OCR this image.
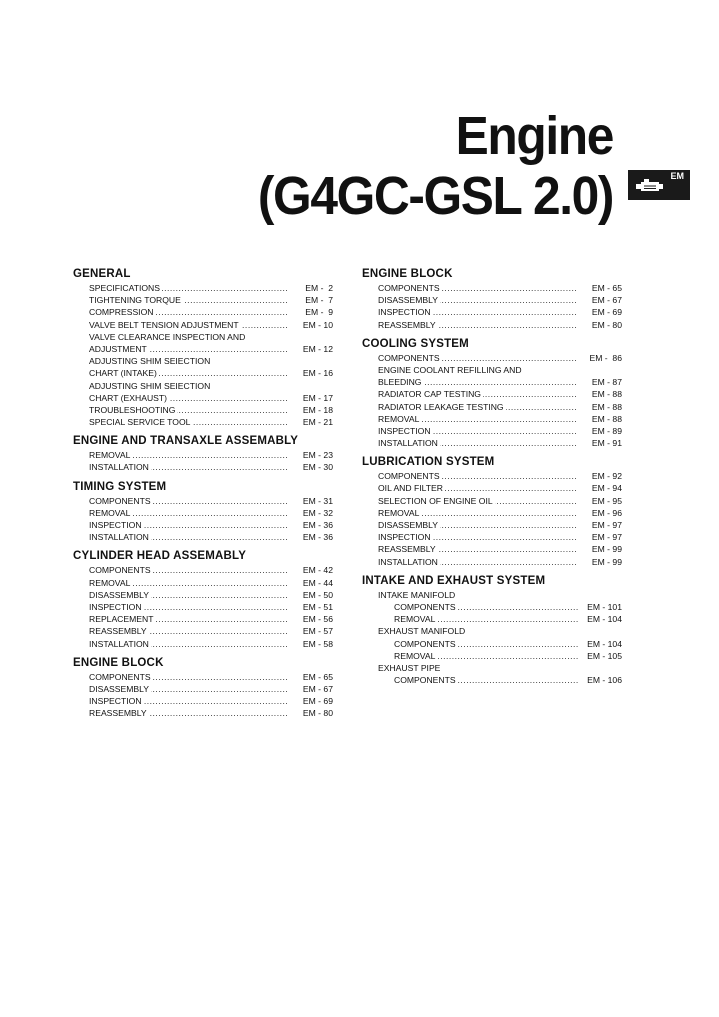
Engine
(G4GC-GSL 2.0)	EM
GENERAL
SPECIFICATIONS .....	EM -  2
TIGHTENING TORQUE .....	EM -  7
COMPRESSION .....	EM -  9
VALVE BELT TENSION ADJUSTMENT .....	EM - 10
VALVE CLEARANCE INSPECTION AND
ADJUSTMENT .....	EM - 12
ADJUSTING SHIM SEIECTION
CHART (INTAKE) .....	EM - 16
ADJUSTING SHIM SEIECTION
CHART (EXHAUST) .....	EM - 17
TROUBLESHOOTING .....	EM - 18
SPECIAL SERVICE TOOL .....	EM - 21
ENGINE AND TRANSAXLE ASSEMABLY
REMOVAL .....	EM - 23
INSTALLATION .....	EM - 30
TIMING SYSTEM
COMPONENTS .....	EM - 31
REMOVAL .....	EM - 32
INSPECTION .....	EM - 36
INSTALLATION .....	EM - 36
CYLINDER HEAD ASSEMABLY
COMPONENTS .....	EM - 42
REMOVAL .....	EM - 44
DISASSEMBLY .....	EM - 50
INSPECTION .....	EM - 51
REPLACEMENT .....	EM - 56
REASSEMBLY .....	EM - 57
INSTALLATION .....	EM - 58
ENGINE BLOCK
COMPONENTS .....	EM - 65
DISASSEMBLY .....	EM - 67
INSPECTION .....	EM - 69
REASSEMBLY .....	EM - 80
ENGINE BLOCK
COMPONENTS .....	EM - 65
DISASSEMBLY .....	EM - 67
INSPECTION .....	EM - 69
REASSEMBLY .....	EM - 80
COOLING SYSTEM
COMPONENTS .....	EM -  86
ENGINE COOLANT REFILLING AND
BLEEDING .....	EM - 87
RADIATOR CAP TESTING .....	EM - 88
RADIATOR LEAKAGE TESTING .....	EM - 88
REMOVAL .....	EM - 88
INSPECTION .....	EM - 89
INSTALLATION .....	EM - 91
LUBRICATION SYSTEM
COMPONENTS .....	EM - 92
OIL AND FILTER .....	EM - 94
SELECTION OF ENGINE OIL .....	EM - 95
REMOVAL .....	EM - 96
DISASSEMBLY .....	EM - 97
INSPECTION .....	EM - 97
REASSEMBLY .....	EM - 99
INSTALLATION .....	EM - 99
INTAKE AND EXHAUST SYSTEM
INTAKE MANIFOLD
COMPONENTS .....	EM - 101
REMOVAL .....	EM - 104
EXHAUST MANIFOLD
COMPONENTS .....	EM - 104
REMOVAL .....	EM - 105
EXHAUST PIPE
COMPONENTS .....	EM - 106
